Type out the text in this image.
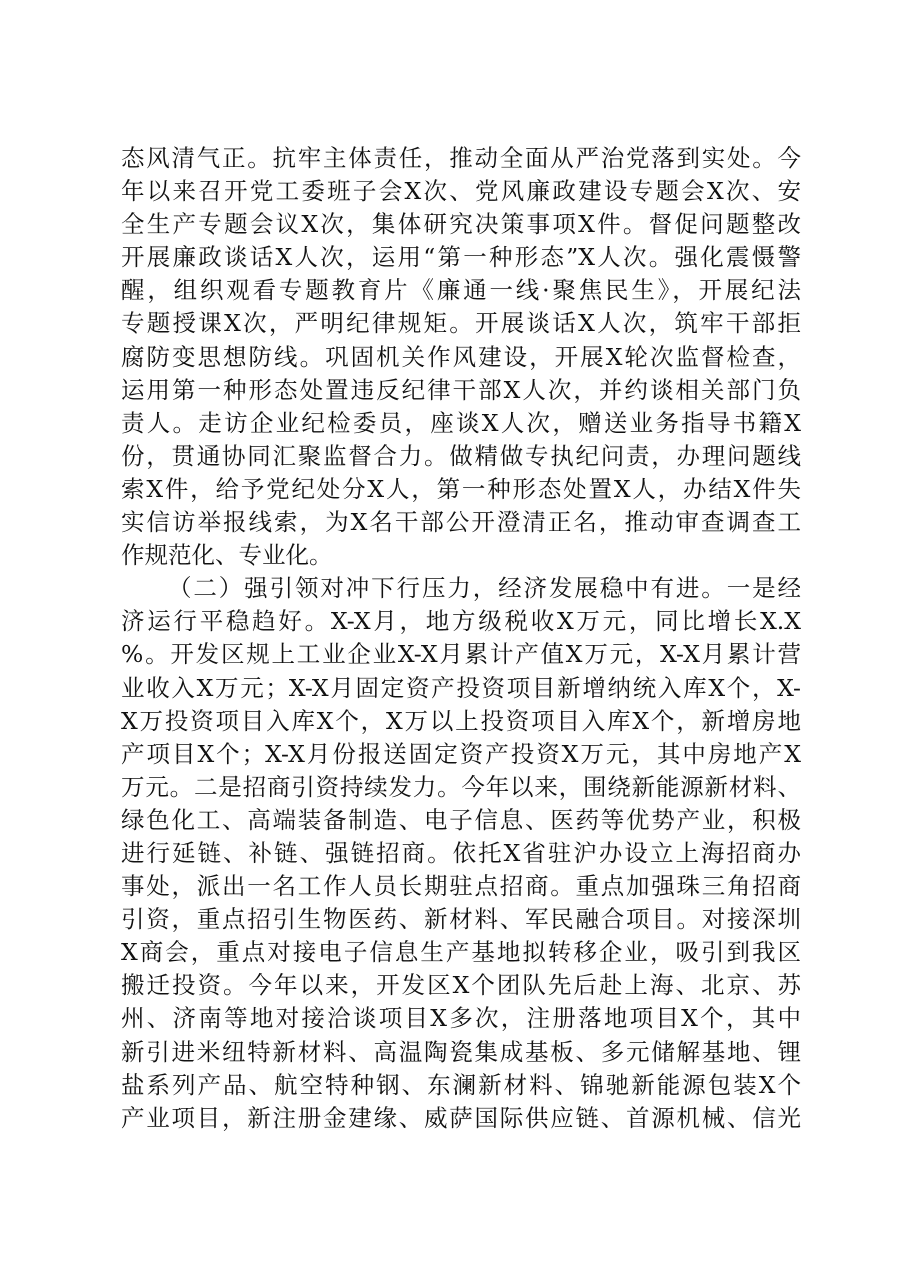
态风清气正。抗牢主体责任，推动全面从严治党落到实处。今
年以来召开党工委班子会X次、党风廉政建设专题会X次、安
全生产专题会议X次，集体研究决策事项X件。督促问题整改
开展廉政谈话X人次，运用“第一种形态”X人次。强化震慑警
醒，组织观看专题教育片《廉通一线·聚焦民生》，开展纪法
专题授课X次，严明纪律规矩。开展谈话X人次，筑牢干部拒
腐防变思想防线。巩固机关作风建设，开展X轮次监督检查，
运用第一种形态处置违反纪律干部X人次，并约谈相关部门负
责人。走访企业纪检委员，座谈X人次，赠送业务指导书籍X
份，贯通协同汇聚监督合力。做精做专执纪问责，办理问题线
索X件，给予党纪处分X人，第一种形态处置X人，办结X件失
实信访举报线索，为X名干部公开澄清正名，推动审查调查工
作规范化、专业化。
（二）强引领对冲下行压力，经济发展稳中有进。一是经
济运行平稳趋好。X-X月，地方级税收X万元，同比增长X.X
%。开发区规上工业企业X-X月累计产值X万元，X-X月累计营
业收入X万元；X-X月固定资产投资项目新增纳统入库X个，X-
X万投资项目入库X个，X万以上投资项目入库X个，新增房地
产项目X个；X-X月份报送固定资产投资X万元，其中房地产X
万元。二是招商引资持续发力。今年以来，围绕新能源新材料、
绿色化工、高端装备制造、电子信息、医药等优势产业，积极
进行延链、补链、强链招商。依托X省驻沪办设立上海招商办
事处，派出一名工作人员长期驻点招商。重点加强珠三角招商
引资，重点招引生物医药、新材料、军民融合项目。对接深圳
X商会，重点对接电子信息生产基地拟转移企业，吸引到我区
搬迁投资。今年以来，开发区X个团队先后赴上海、北京、苏
州、济南等地对接洽谈项目X多次，注册落地项目X个，其中
新引进米纽特新材料、高温陶瓷集成基板、多元储解基地、锂
盐系列产品、航空特种钢、东澜新材料、锦驰新能源包装X个
产业项目，新注册金建缘、威萨国际供应链、首源机械、信光
